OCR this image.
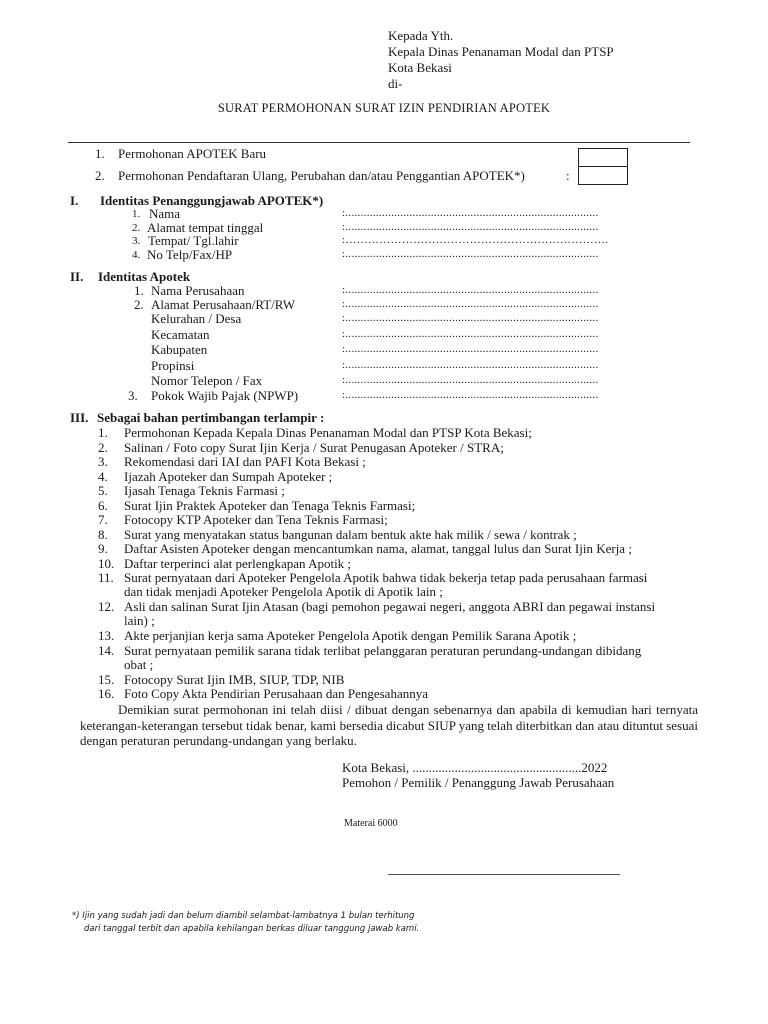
Kepada Yth.
Kepala Dinas Penanaman Modal dan PTSP
Kota Bekasi
di-
SURAT PERMOHONAN SURAT IZIN PENDIRIAN APOTEK
1. Permohonan APOTEK Baru
2. Permohonan Pendaftaran Ulang, Perubahan dan/atau Penggantian APOTEK*)	:
I. Identitas Penanggungjawab APOTEK*)
1. Nama	:...................................................................................
2. Alamat tempat tinggal	:...................................................................................
3. Tempat/ Tgl.lahir	:…………………………………………………………….
4. No Telp/Fax/HP	:...................................................................................
II. Identitas Apotek
1. Nama Perusahaan	:...................................................................................
2. Alamat Perusahaan/RT/RW	:...................................................................................
Kelurahan / Desa	:...................................................................................
Kecamatan	:...................................................................................
Kabupaten	:...................................................................................
Propinsi	:...................................................................................
Nomor Telepon / Fax	:...................................................................................
3. Pokok Wajib Pajak (NPWP)	:...................................................................................
III. Sebagai bahan pertimbangan terlampir :
1. Permohonan Kepada Kepala Dinas Penanaman Modal dan PTSP Kota Bekasi;
2. Salinan / Foto copy Surat Ijin Kerja / Surat Penugasan Apoteker / STRA;
3. Rekomendasi dari IAI dan PAFI Kota Bekasi ;
4. Ijazah Apoteker dan Sumpah Apoteker ;
5. Ijasah Tenaga Teknis Farmasi ;
6. Surat Ijin Praktek Apoteker dan Tenaga Teknis Farmasi;
7. Fotocopy KTP Apoteker dan Tena Teknis Farmasi;
8. Surat yang menyatakan status bangunan dalam bentuk akte hak milik / sewa / kontrak ;
9. Daftar Asisten Apoteker dengan mencantumkan nama, alamat, tanggal lulus dan Surat Ijin Kerja ;
10. Daftar terperinci alat perlengkapan Apotik ;
11. Surat pernyataan dari Apoteker Pengelola Apotik bahwa tidak bekerja tetap pada perusahaan farmasi
dan tidak menjadi Apoteker Pengelola Apotik di Apotik lain ;
12. Asli dan salinan Surat Ijin Atasan (bagi pemohon pegawai negeri, anggota ABRI dan pegawai instansi
lain) ;
13. Akte perjanjian kerja sama Apoteker Pengelola Apotik dengan Pemilik Sarana Apotik ;
14. Surat pernyataan pemilik sarana tidak terlibat pelanggaran peraturan perundang-undangan dibidang
obat ;
15. Fotocopy Surat Ijin IMB, SIUP, TDP, NIB
16. Foto Copy Akta Pendirian Perusahaan dan Pengesahannya
Demikian surat permohonan ini telah diisi / dibuat dengan sebenarnya dan apabila di kemudian hari ternyata keterangan-keterangan tersebut tidak benar, kami bersedia dicabut SIUP yang telah diterbitkan dan atau dituntut sesuai dengan peraturan perundang-undangan yang berlaku.
Kota Bekasi, ....................................................2022
Pemohon / Pemilik / Penanggung Jawab Perusahaan
Materai 6000
*) Ijin yang sudah jadi dan belum diambil selambat-lambatnya 1 bulan terhitung
dari tanggal terbit dan apabila kehilangan berkas diluar tanggung jawab kami.
